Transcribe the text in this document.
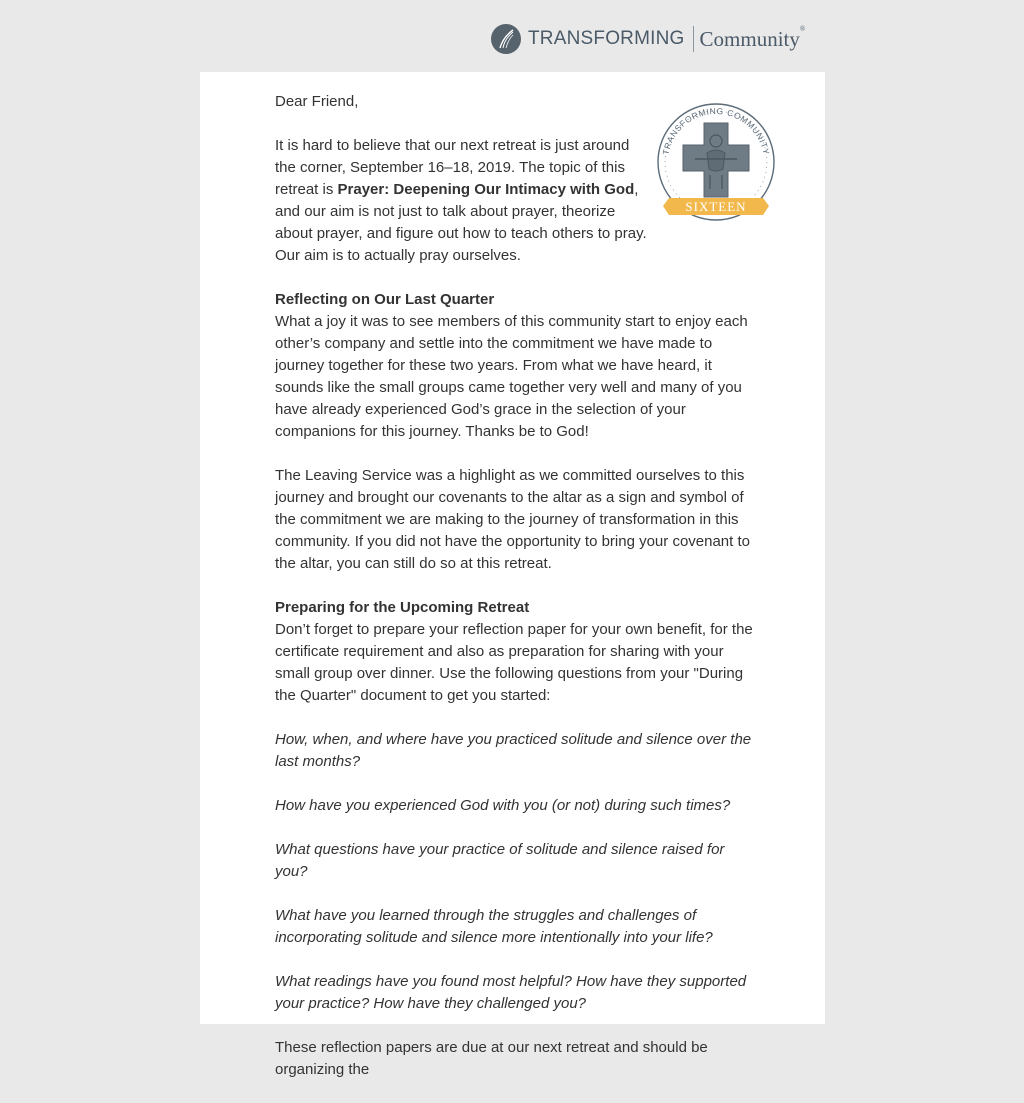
TRANSFORMING Community®
TRANSFORMING COMMUNITY
SIXTEEN

Dear Friend,

It is hard to believe that our next retreat is just around the corner, September 16–18, 2019. The topic of this retreat is Prayer: Deepening Our Intimacy with God, and our aim is not just to talk about prayer, theorize about prayer, and figure out how to teach others to pray. Our aim is to actually pray ourselves.

Reflecting on Our Last Quarter
What a joy it was to see members of this community start to enjoy each other’s company and settle into the commitment we have made to journey together for these two years. From what we have heard, it sounds like the small groups came together very well and many of you have already experienced God’s grace in the selection of your companions for this journey. Thanks be to God!

The Leaving Service was a highlight as we committed ourselves to this journey and brought our covenants to the altar as a sign and symbol of the commitment we are making to the journey of transformation in this community. If you did not have the opportunity to bring your covenant to the altar, you can still do so at this retreat.

Preparing for the Upcoming Retreat
Don’t forget to prepare your reflection paper for your own benefit, for the certificate requirement and also as preparation for sharing with your small group over dinner. Use the following questions from your "During the Quarter" document to get you started:

How, when, and where have you practiced solitude and silence over the last months?

How have you experienced God with you (or not) during such times?

What questions have your practice of solitude and silence raised for you?

What have you learned through the struggles and challenges of incorporating solitude and silence more intentionally into your life?

What readings have you found most helpful? How have they supported your practice? How have they challenged you?

These reflection papers are due at our next retreat and should be organizing the
